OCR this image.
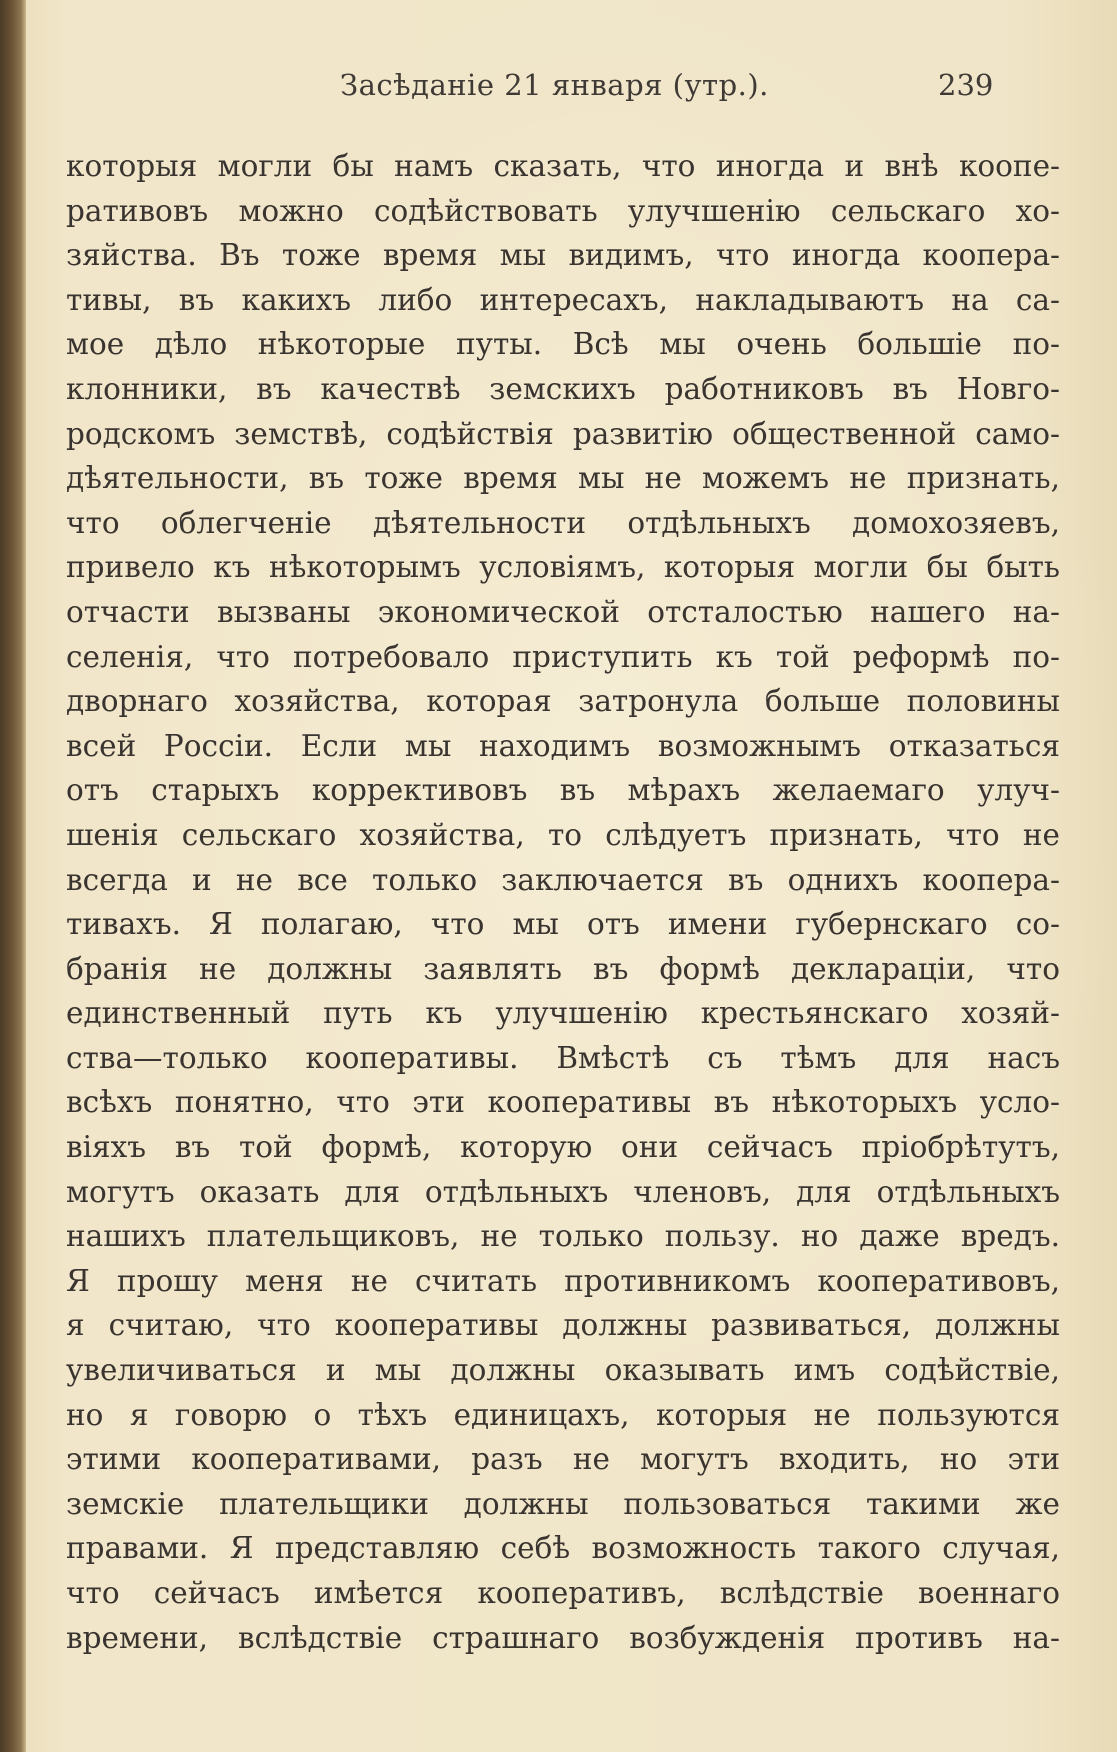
Засѣданіе 21 января (утр.).	239
которыя могли бы намъ сказать, что иногда и внѣ коопе-
ративовъ можно содѣйствовать улучшенію сельскаго хо-
зяйства. Въ тоже время мы видимъ, что иногда коопера-
тивы, въ какихъ либо интересахъ, накладываютъ на са-
мое дѣло нѣкоторые путы. Всѣ мы очень большіе по-
клонники, въ качествѣ земскихъ работниковъ въ Новго-
родскомъ земствѣ, содѣйствія развитію общественной само-
дѣятельности, въ тоже время мы не можемъ не признать,
что облегченіе дѣятельности отдѣльныхъ домохозяевъ,
привело къ нѣкоторымъ условіямъ, которыя могли бы быть
отчасти вызваны экономической отсталостью нашего на-
селенія, что потребовало приступить къ той реформѣ по-
дворнаго хозяйства, которая затронула больше половины
всей Россіи. Если мы находимъ возможнымъ отказаться
отъ старыхъ коррективовъ въ мѣрахъ желаемаго улуч-
шенія сельскаго хозяйства, то слѣдуетъ признать, что не
всегда и не все только заключается въ однихъ коопера-
тивахъ. Я полагаю, что мы отъ имени губернскаго со-
бранія не должны заявлять въ формѣ деклараціи, что
единственный путь къ улучшенію крестьянскаго хозяй-
ства—только кооперативы. Вмѣстѣ съ тѣмъ для насъ
всѣхъ понятно, что эти кооперативы въ нѣкоторыхъ усло-
віяхъ въ той формѣ, которую они сейчасъ пріобрѣтутъ,
могутъ оказать для отдѣльныхъ членовъ, для отдѣльныхъ
нашихъ плательщиковъ, не только пользу. но даже вредъ.
Я прошу меня не считать противникомъ кооперативовъ,
я считаю, что кооперативы должны развиваться, должны
увеличиваться и мы должны оказывать имъ содѣйствіе,
но я говорю о тѣхъ единицахъ, которыя не пользуются
этими кооперативами, разъ не могутъ входить, но эти
земскіе плательщики должны пользоваться такими же
правами. Я представляю себѣ возможность такого случая,
что сейчасъ имѣется кооперативъ, вслѣдствіе военнаго
времени, вслѣдствіе страшнаго возбужденія противъ на-
